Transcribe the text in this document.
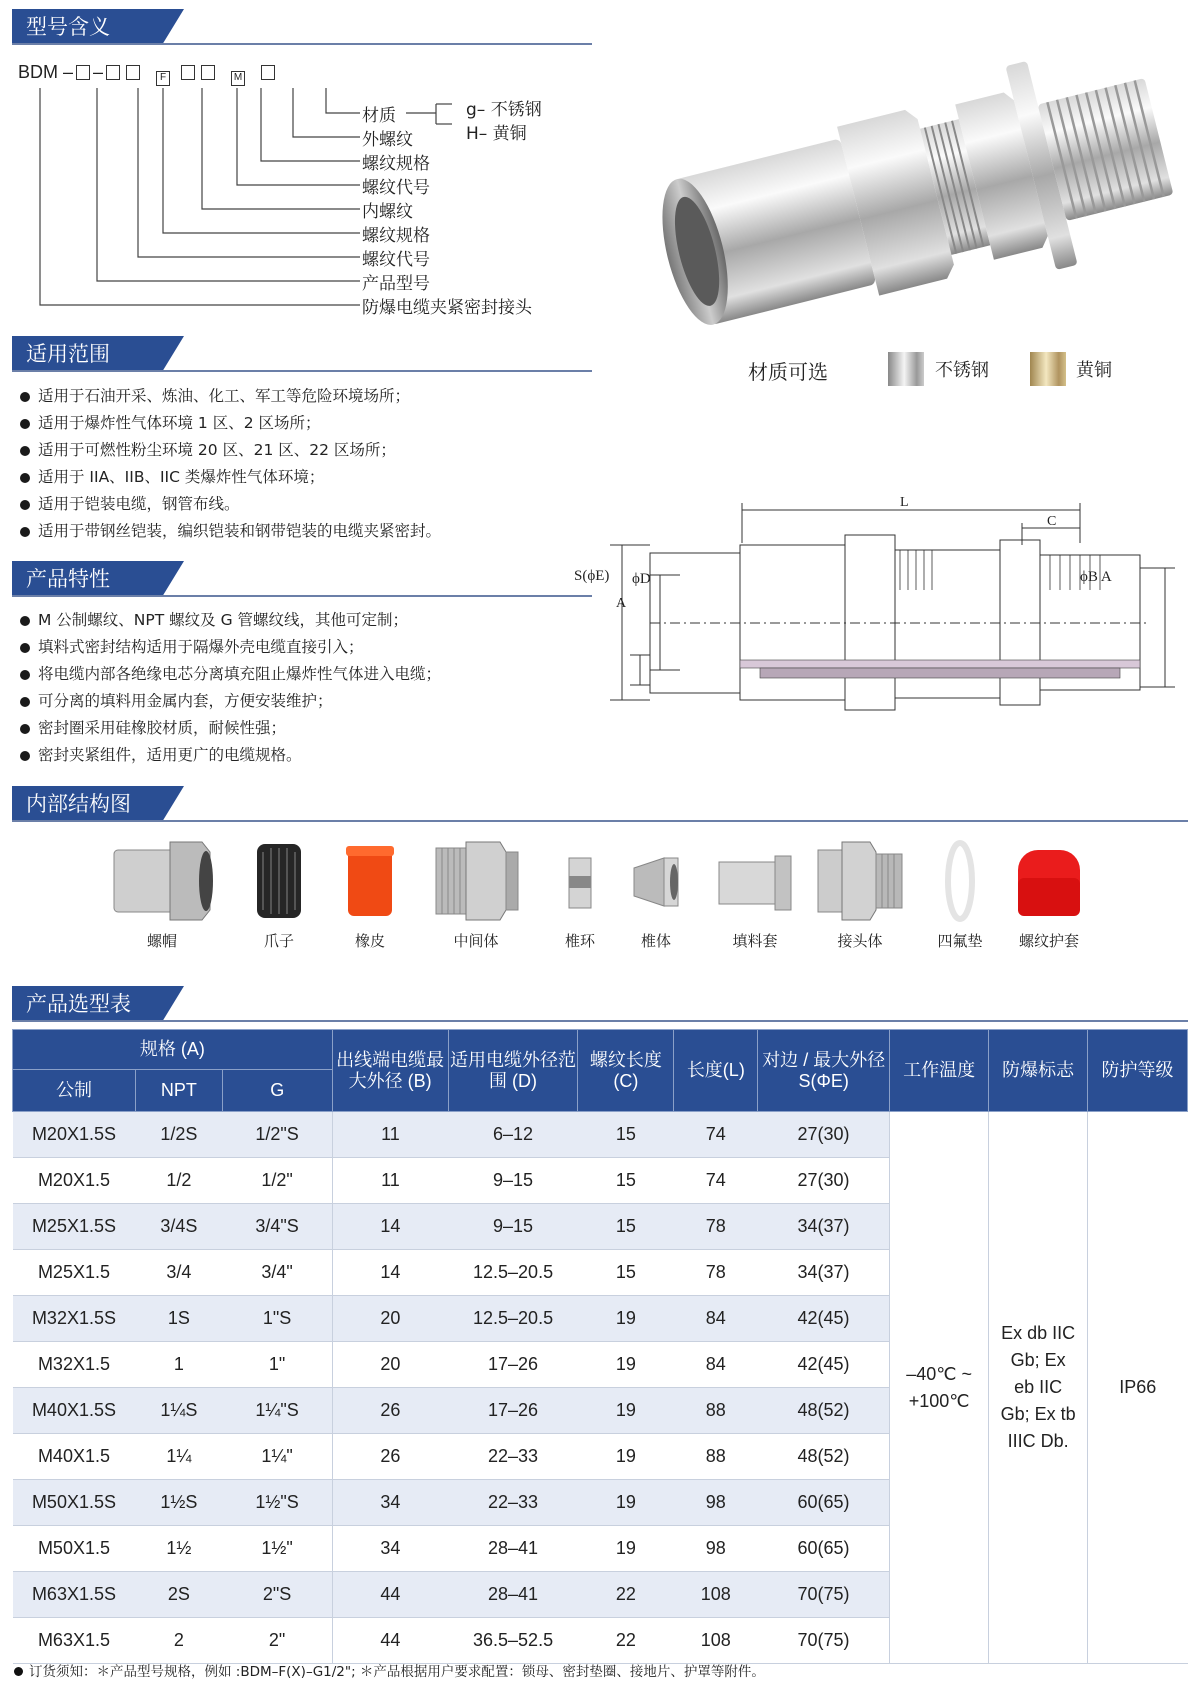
型号含义
BDM – –	F	M
材质
外螺纹
螺纹规格
螺纹代号
内螺纹
螺纹规格
螺纹代号
产品型号
防爆电缆夹紧密封接头
g– 不锈钢
H– 黄铜
材质可选	不锈钢	黄铜
适用范围
适用于石油开采、炼油、化工、军工等危险环境场所；
适用于爆炸性气体环境 1 区、2 区场所；
适用于可燃性粉尘环境 20 区、21 区、22 区场所；
适用于 IIA、IIB、IIC 类爆炸性气体环境；
适用于铠装电缆，钢管布线。
适用于带钢丝铠装，编织铠装和钢带铠装的电缆夹紧密封。
产品特性
M 公制螺纹、NPT 螺纹及 G 管螺纹线，其他可定制；
填料式密封结构适用于隔爆外壳电缆直接引入；
将电缆内部各绝缘电芯分离填充阻止爆炸性气体进入电缆；
可分离的填料用金属内套，方便安装维护；
密封圈采用硅橡胶材质，耐候性强；
密封夹紧组件，适用更广的电缆规格。
L
C
S(ϕE) ϕD
A
ϕB A
内部结构图
螺帽	爪子	橡皮	中间体	椎环	椎体	填料套	接头体	四氟垫	螺纹护套
产品选型表
规格 (A)			出线端电缆最大外径 (B)	适用电缆外径范围 (D)	螺纹长度(C)	长度(L)	对边 / 最大外径 S(ΦE)	工作温度	防爆标志	防护等级
公制	NPT	G								
M20X1.5S	1/2S	1/2"S	11	6–12	15	74	27(30)	–40℃ ~ +100℃	Ex db IIC Gb; Ex eb IIC Gb; Ex tb IIIC Db.	IP66
M20X1.5	1/2	1/2"	11	9–15	15	74	27(30)			
M25X1.5S	3/4S	3/4"S	14	9–15	15	78	34(37)			
M25X1.5	3/4	3/4"	14	12.5–20.5	15	78	34(37)			
M32X1.5S	1S	1"S	20	12.5–20.5	19	84	42(45)			
M32X1.5	1	1"	20	17–26	19	84	42(45)			
M40X1.5S	1¼S	1¼"S	26	17–26	19	88	48(52)			
M40X1.5	1¼	1¼"	26	22–33	19	88	48(52)			
M50X1.5S	1½S	1½"S	34	22–33	19	98	60(65)			
M50X1.5	1½	1½"	34	28–41	19	98	60(65)			
M63X1.5S	2S	2"S	44	28–41	22	108	70(75)			
M63X1.5	2	2"	44	36.5–52.5	22	108	70(75)			
订货须知：＊产品型号规格，例如 :BDM–F(X)–G1/2"; ＊产品根据用户要求配置：锁母、密封垫圈、接地片、护罩等附件。
